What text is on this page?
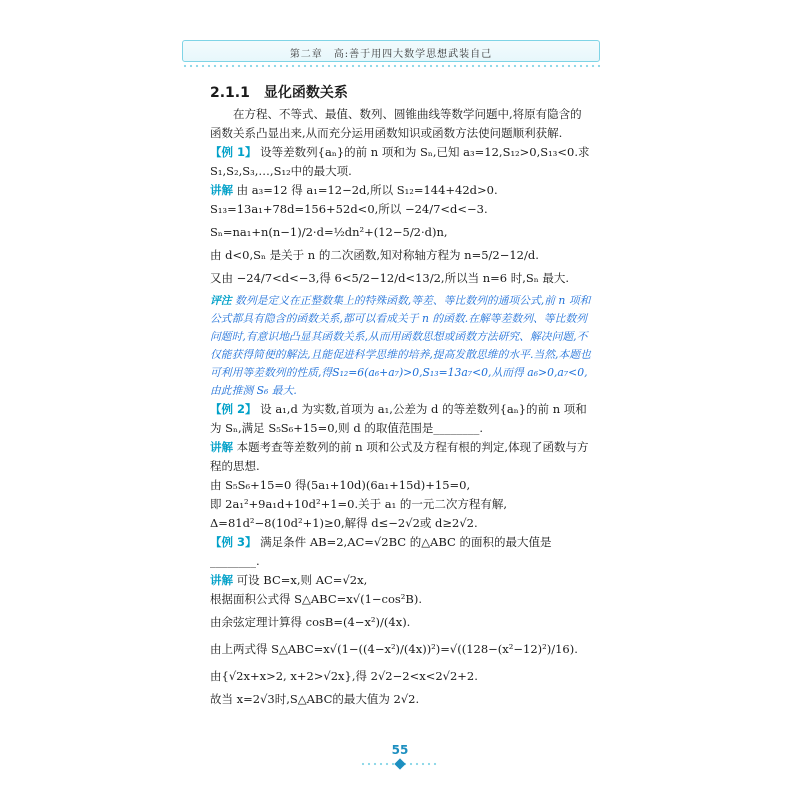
第二章　高:善于用四大数学思想武装自己
2.1.1 显化函数关系

在方程、不等式、最值、数列、圆锥曲线等数学问题中,将原有隐含的函数关系凸显出来,从而充分运用函数知识或函数方法使问题顺利获解.

【例 1】 设等差数列{aₙ}的前 n 项和为 Sₙ,已知 a₃=12,S₁₂>0,S₁₃<0.求 S₁,S₂,S₃,…,S₁₂中的最大项.

讲解 由 a₃=12 得 a₁=12−2d,所以 S₁₂=144+42d>0.

S₁₃=13a₁+78d=156+52d<0,所以 −24/7<d<−3.

Sₙ=na₁+n(n−1)/2·d=½dn²+(12−5/2·d)n,

由 d<0,Sₙ 是关于 n 的二次函数,知对称轴方程为 n=5/2−12/d.

又由 −24/7<d<−3,得 6<5/2−12/d<13/2,所以当 n=6 时,Sₙ 最大.

评注 数列是定义在正整数集上的特殊函数,等差、等比数列的通项公式,前 n 项和公式都具有隐含的函数关系,都可以看成关于 n 的函数.在解等差数列、等比数列问题时,有意识地凸显其函数关系,从而用函数思想或函数方法研究、解决问题,不仅能获得简便的解法,且能促进科学思维的培养,提高发散思维的水平.当然,本题也可利用等差数列的性质,得S₁₂=6(a₆+a₇)>0,S₁₃=13a₇<0,从而得 a₆>0,a₇<0,由此推测 S₆ 最大.

【例 2】 设 a₁,d 为实数,首项为 a₁,公差为 d 的等差数列{aₙ}的前 n 项和为 Sₙ,满足 S₅S₆+15=0,则 d 的取值范围是________.

讲解 本题考查等差数列的前 n 项和公式及方程有根的判定,体现了函数与方程的思想.

由 S₅S₆+15=0 得(5a₁+10d)(6a₁+15d)+15=0,

即 2a₁²+9a₁d+10d²+1=0.关于 a₁ 的一元二次方程有解,

Δ=81d²−8(10d²+1)≥0,解得 d≤−2√2或 d≥2√2.

【例 3】 满足条件 AB=2,AC=√2BC 的△ABC 的面积的最大值是________.

讲解 可设 BC=x,则 AC=√2x,

根据面积公式得 S△ABC=x√(1−cos²B).

由余弦定理计算得 cosB=(4−x²)/(4x).

由上两式得 S△ABC=x√(1−((4−x²)/(4x))²)=√((128−(x²−12)²)/16).

由{√2x+x>2, x+2>√2x},得 2√2−2<x<2√2+2.

故当 x=2√3时,S△ABC的最大值为 2√2.

55
